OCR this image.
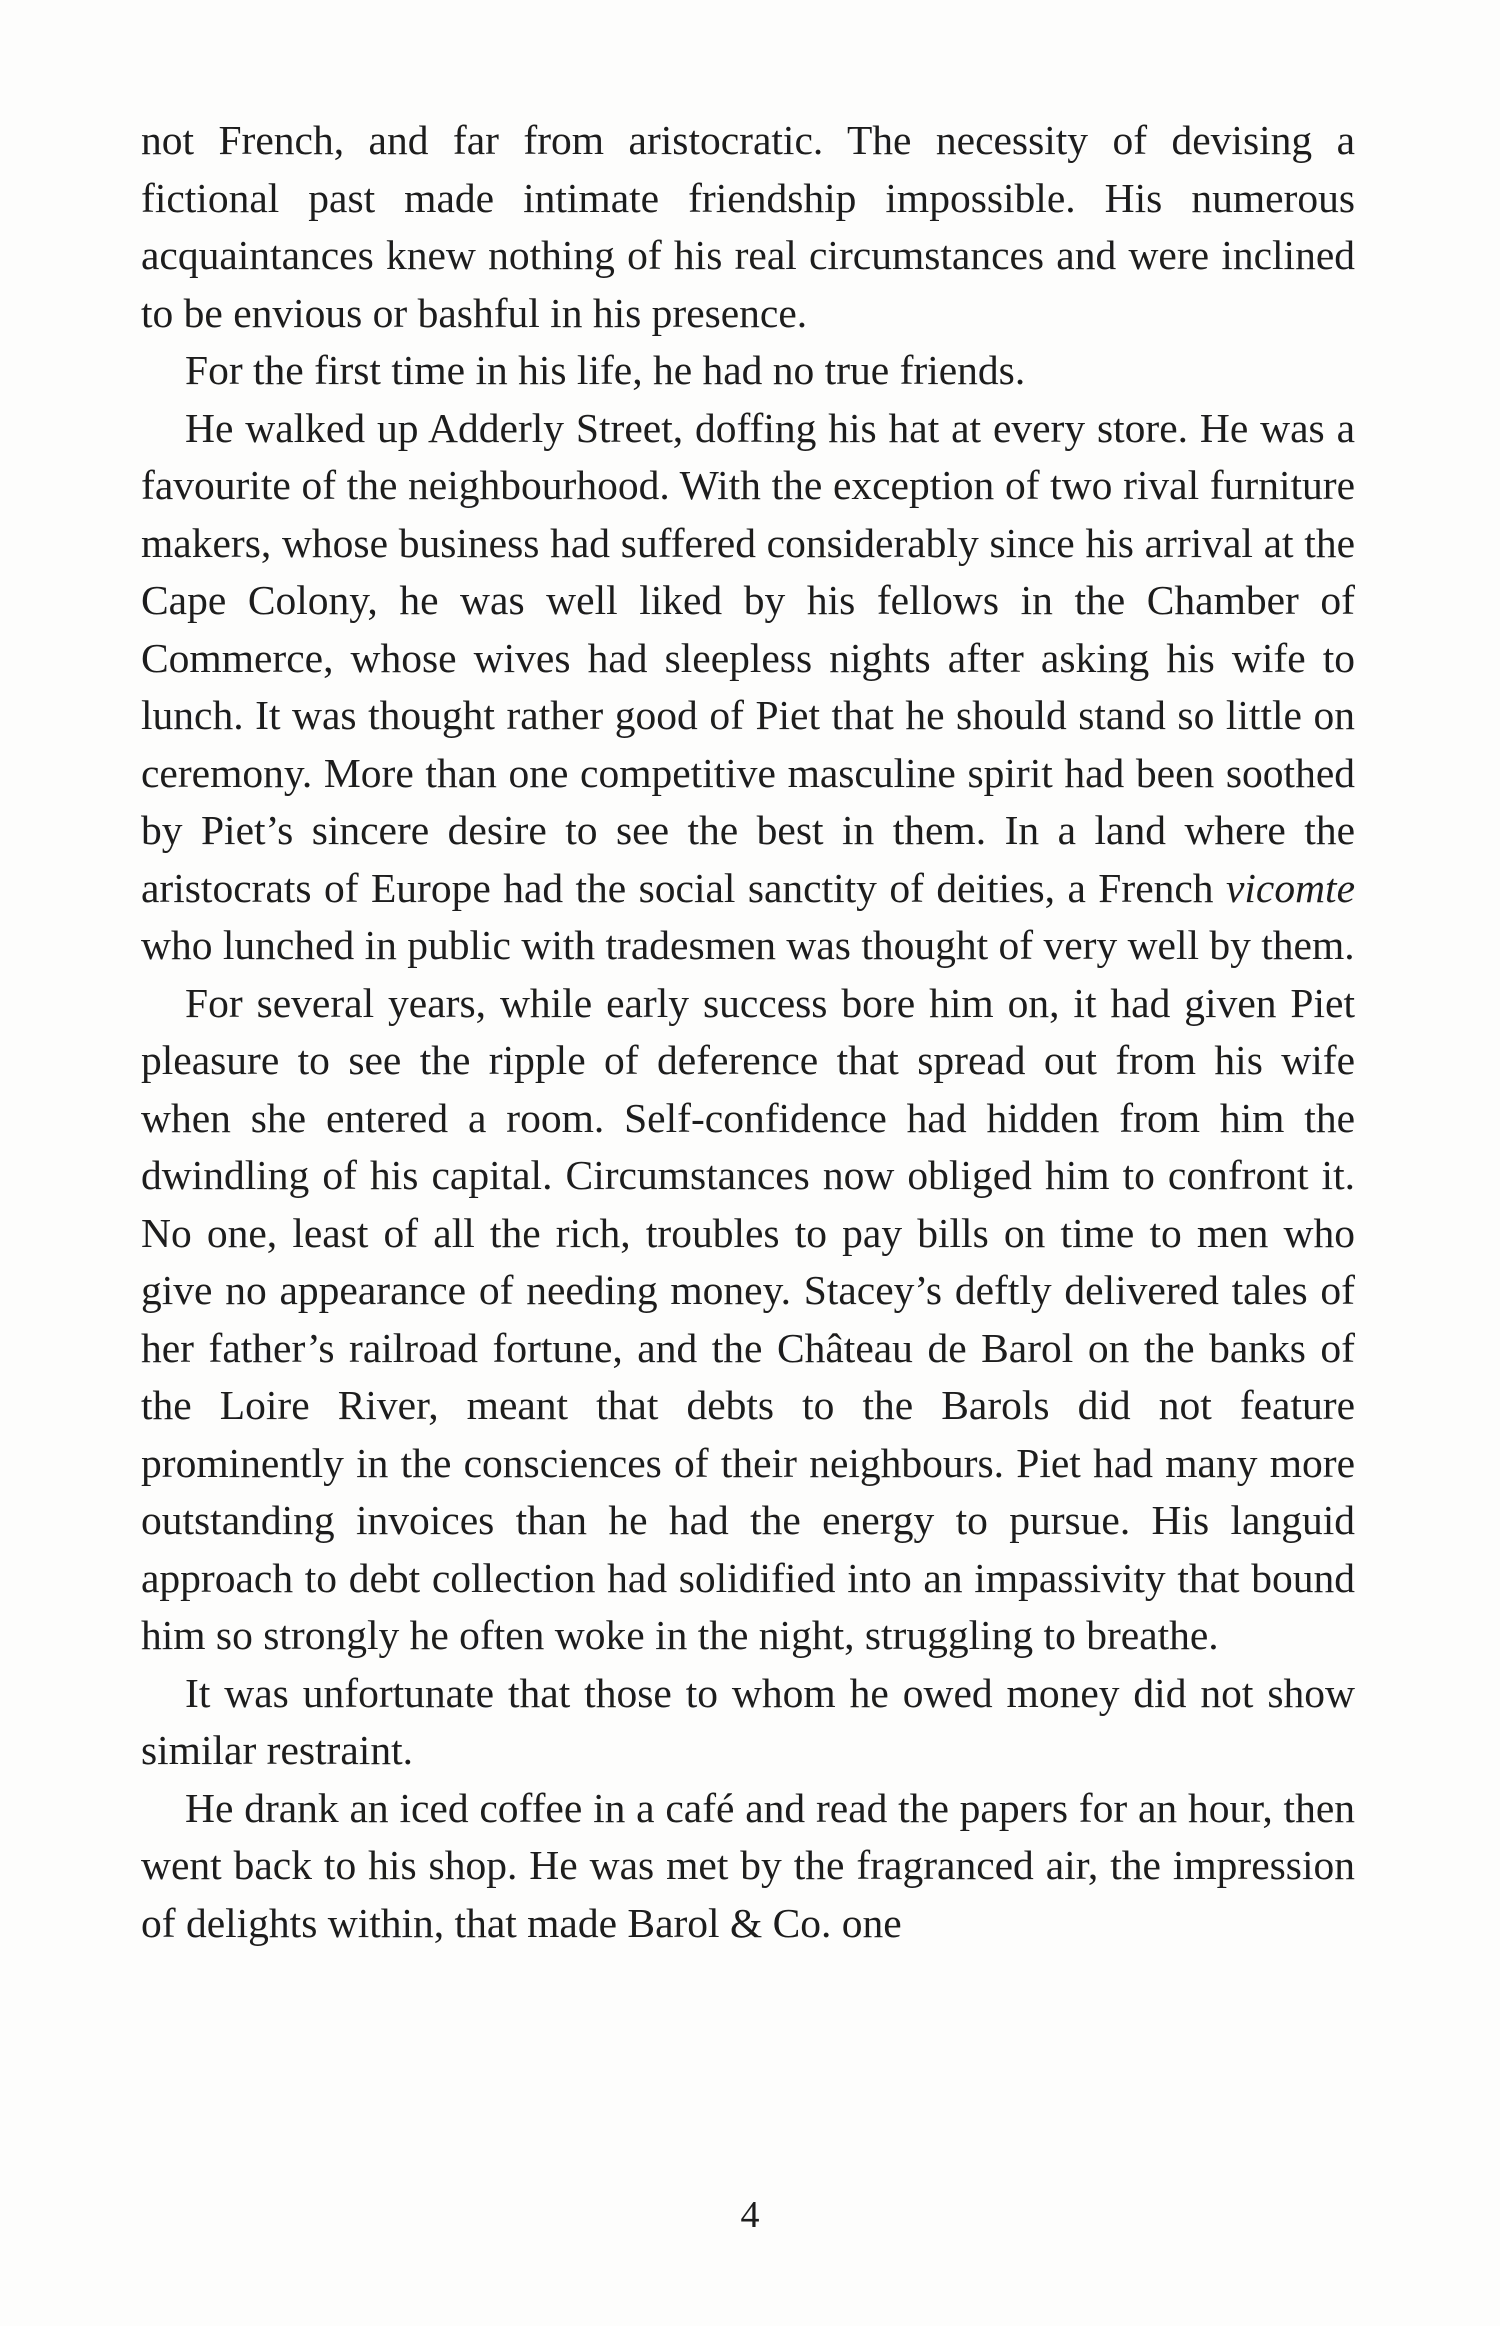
not French, and far from aristocratic. The necessity of devising a fictional past made intimate friendship impossible. His numerous acquaintances knew nothing of his real circumstances and were inclined to be envious or bashful in his presence.

For the first time in his life, he had no true friends.

He walked up Adderly Street, doffing his hat at every store. He was a favourite of the neighbourhood. With the exception of two rival furniture makers, whose business had suffered considerably since his arrival at the Cape Colony, he was well liked by his fellows in the Chamber of Commerce, whose wives had sleepless nights after asking his wife to lunch. It was thought rather good of Piet that he should stand so little on ceremony. More than one competitive masculine spirit had been soothed by Piet’s sincere desire to see the best in them. In a land where the aristocrats of Europe had the social sanctity of deities, a French vicomte who lunched in public with tradesmen was thought of very well by them.

For several years, while early success bore him on, it had given Piet pleasure to see the ripple of deference that spread out from his wife when she entered a room. Self-confidence had hidden from him the dwindling of his capital. Circumstances now obliged him to confront it. No one, least of all the rich, troubles to pay bills on time to men who give no appearance of needing money. Stacey’s deftly delivered tales of her father’s railroad fortune, and the Château de Barol on the banks of the Loire River, meant that debts to the Barols did not feature prominently in the consciences of their neighbours. Piet had many more outstanding invoices than he had the energy to pursue. His languid approach to debt collection had solidified into an impassivity that bound him so strongly he often woke in the night, struggling to breathe.

It was unfortunate that those to whom he owed money did not show similar restraint.

He drank an iced coffee in a café and read the papers for an hour, then went back to his shop. He was met by the fragranced air, the impression of delights within, that made Barol & Co. one

4
